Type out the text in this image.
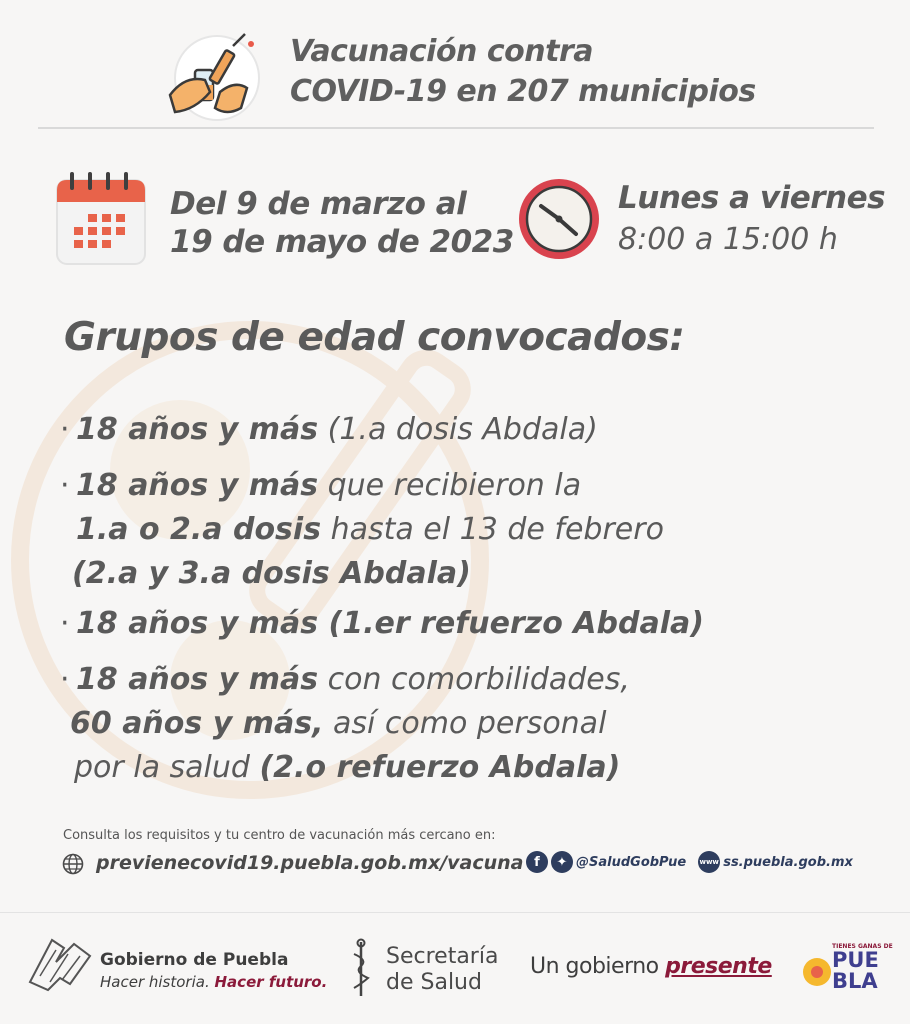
Vacunación contra
COVID-19 en 207 municipios
Del 9 de marzo al
19 de mayo de 2023
Lunes a viernes
8:00 a 15:00 h
Grupos de edad convocados:
· 18 años y más (1.a dosis Abdala)
· 18 años y más que recibieron la
1.a o 2.a dosis hasta el 13 de febrero
(2.a y 3.a dosis Abdala)
· 18 años y más (1.er refuerzo Abdala)
· 18 años y más con comorbilidades,
60 años y más, así como personal
por la salud (2.o refuerzo Abdala)
Consulta los requisitos y tu centro de vacunación más cercano en:
previenecovid19.puebla.gob.mx/vacuna f	✦ @SaludGobPue www ss.puebla.gob.mx
Gobierno de Puebla
Hacer historia. Hacer futuro.
Secretaría
de Salud
Un gobierno presente
TIENES GANAS DE
PUE
BLA
